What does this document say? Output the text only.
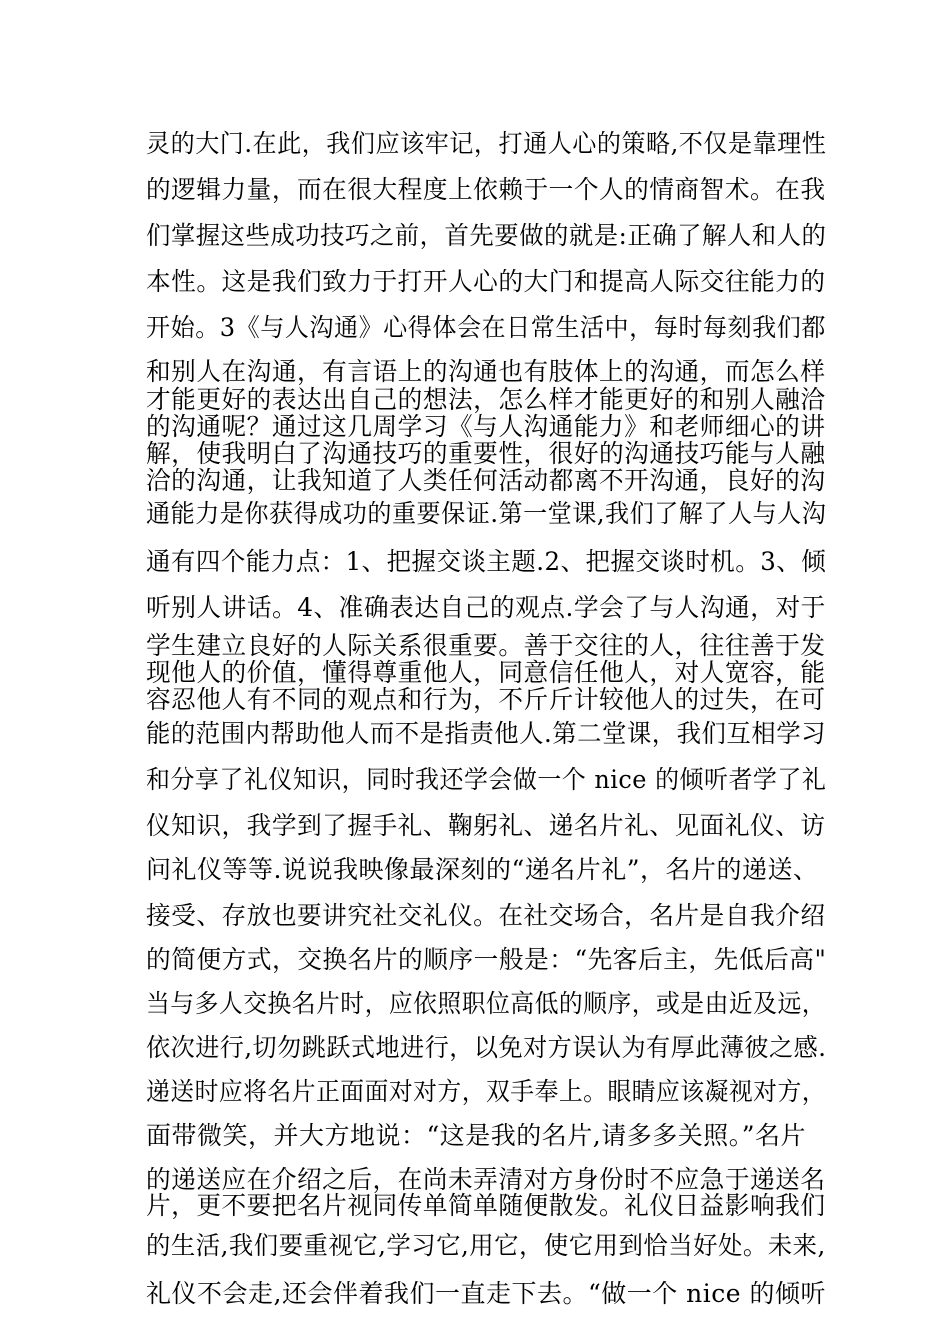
灵的大门.在此，我们应该牢记，打通人心的策略,不仅是靠理性
的逻辑力量，而在很大程度上依赖于一个人的情商智术。在我
们掌握这些成功技巧之前，首先要做的就是:正确了解人和人的
本性。这是我们致力于打开人心的大门和提高人际交往能力的
开始。3《与人沟通》心得体会在日常生活中，每时每刻我们都
和别人在沟通，有言语上的沟通也有肢体上的沟通，而怎么样
才能更好的表达出自己的想法，怎么样才能更好的和别人融洽
的沟通呢？通过这几周学习《与人沟通能力》和老师细心的讲
解，使我明白了沟通技巧的重要性，很好的沟通技巧能与人融
洽的沟通，让我知道了人类任何活动都离不开沟通，良好的沟
通能力是你获得成功的重要保证.第一堂课,我们了解了人与人沟
通有四个能力点：1、把握交谈主题.2、把握交谈时机。3、倾
听别人讲话。4、准确表达自己的观点.学会了与人沟通，对于
学生建立良好的人际关系很重要。善于交往的人，往往善于发
现他人的价值，懂得尊重他人，同意信任他人，对人宽容，能
容忍他人有不同的观点和行为，不斤斤计较他人的过失，在可
能的范围内帮助他人而不是指责他人.第二堂课，我们互相学习
和分享了礼仪知识，同时我还学会做一个 nice 的倾听者学了礼
仪知识，我学到了握手礼、鞠躬礼、递名片礼、见面礼仪、访
问礼仪等等.说说我映像最深刻的“递名片礼”，名片的递送、
接受、存放也要讲究社交礼仪。在社交场合，名片是自我介绍
的简便方式，交换名片的顺序一般是：“先客后主，先低后高"
当与多人交换名片时，应依照职位高低的顺序，或是由近及远，
依次进行,切勿跳跃式地进行，以免对方误认为有厚此薄彼之感.
递送时应将名片正面面对对方，双手奉上。眼睛应该凝视对方，
面带微笑，并大方地说：“这是我的名片,请多多关照。”名片
的递送应在介绍之后，在尚未弄清对方身份时不应急于递送名
片，更不要把名片视同传单简单随便散发。礼仪日益影响我们
的生活,我们要重视它,学习它,用它，使它用到恰当好处。未来,
礼仪不会走,还会伴着我们一直走下去。“做一个 nice 的倾听
